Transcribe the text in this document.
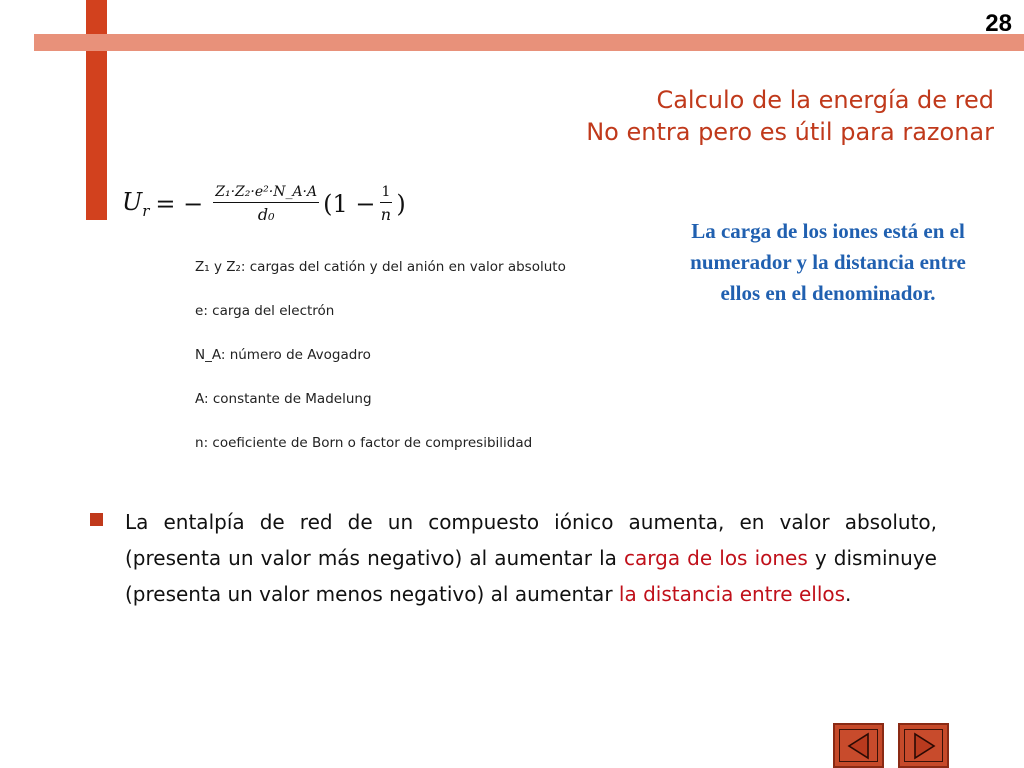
28
Calculo de la energía de red
No entra pero es útil para razonar
$U_r$ = − $\frac{\text{Z₁·Z₂·e²·N\_A·A}}{\text{d₀}} (1 - \frac{1}{n}$ )
Z₁ y Z₂: cargas del catión y del anión en valor absoluto
e: carga del electrón
N_A: número de Avogadro
A: constante de Madelung
n: coeficiente de Born o factor de compresibilidad
La carga de los iones está en el numerador y la distancia entre ellos en el denominador.
La entalpía de red de un compuesto iónico aumenta, en valor absoluto, (presenta un valor más negativo) al aumentar la carga de los iones y disminuye (presenta un valor menos negativo) al aumentar la distancia entre ellos.
